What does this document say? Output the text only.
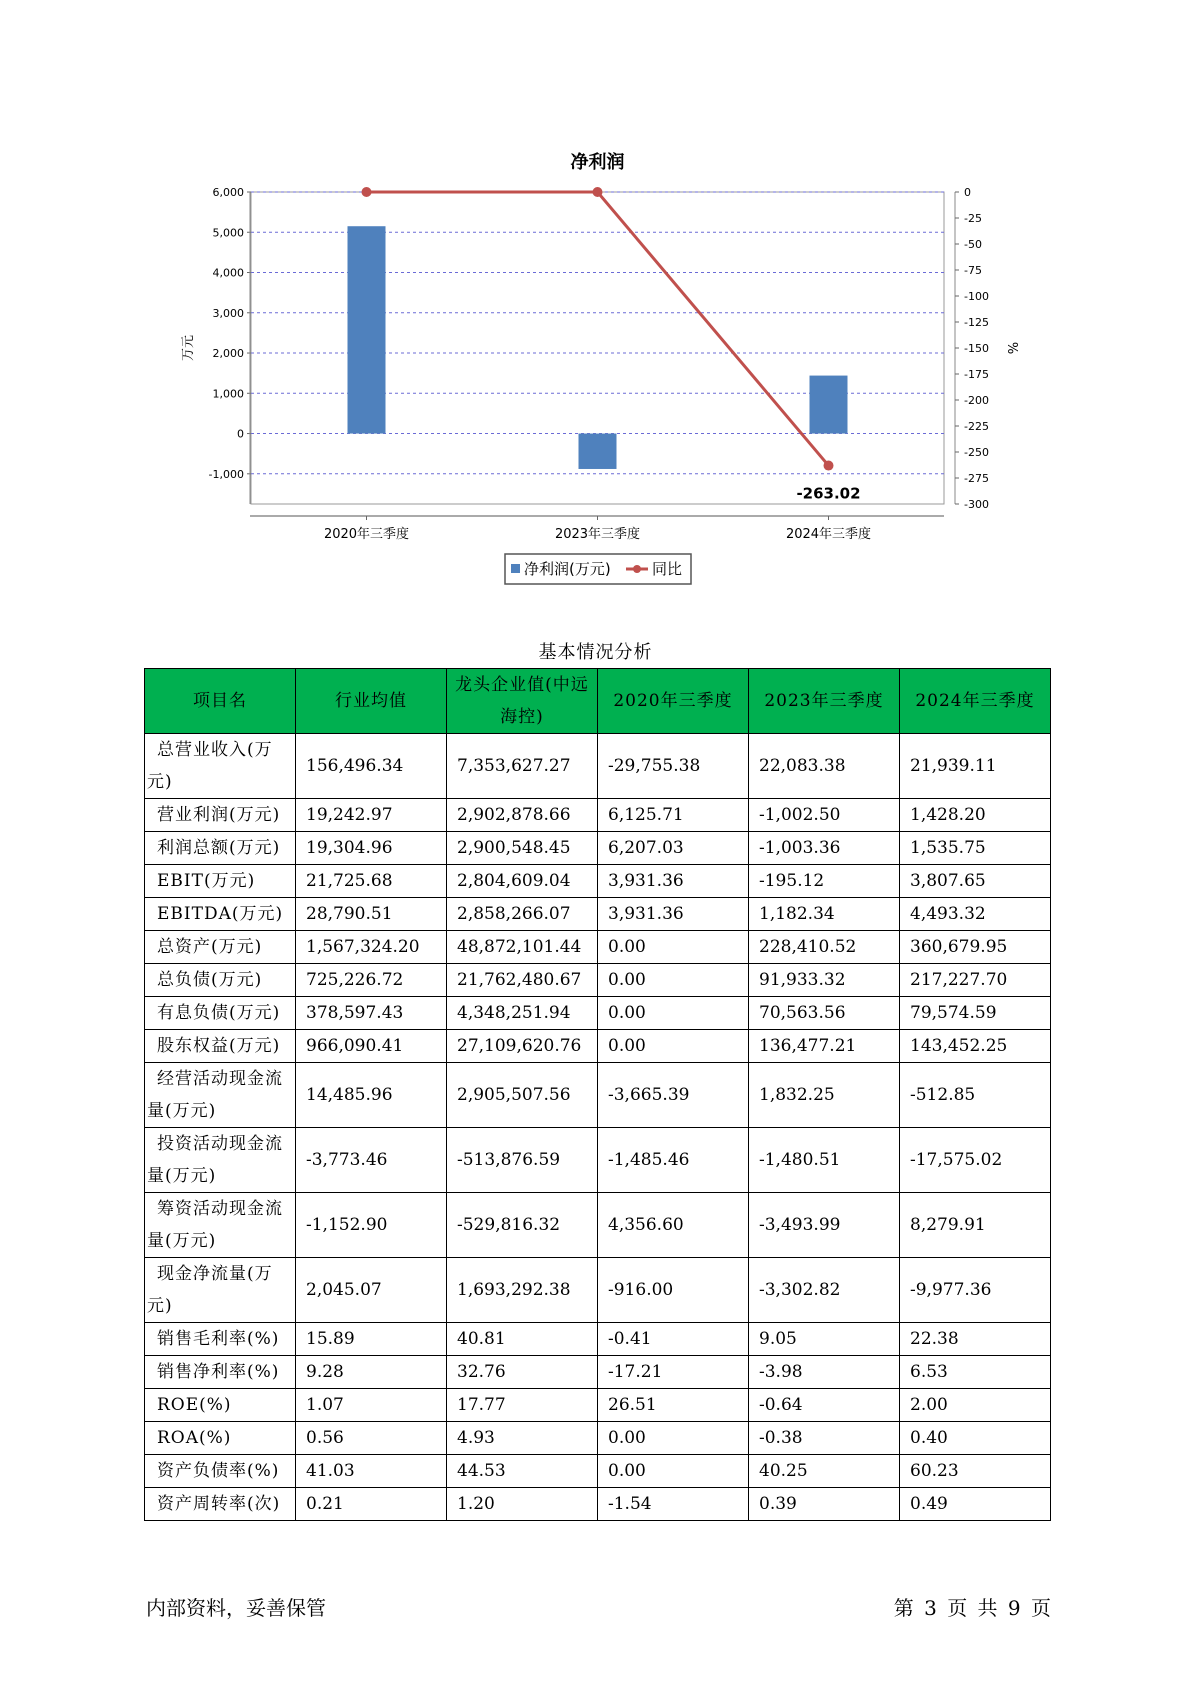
净利润
6,000
5,000
4,000
3,000
2,000
1,000
0
-1,000
0
-25
-50
-75
-100
-125
-150
-175
-200
-225
-250
-275
-300
2020年三季度	2023年三季度	2024年三季度
万元	%
-263.02
净利润(万元)	同比
基本情况分析
项目名	行业均值	龙头企业值(中远海控)	2020年三季度	2023年三季度	2024年三季度

总营业收入(万元)	156,496.34	7,353,627.27	-29,755.38	22,083.38	21,939.11

营业利润(万元)	19,242.97	2,902,878.66	6,125.71	-1,002.50	1,428.20

利润总额(万元)	19,304.96	2,900,548.45	6,207.03	-1,003.36	1,535.75

EBIT(万元)	21,725.68	2,804,609.04	3,931.36	-195.12	3,807.65

EBITDA(万元)	28,790.51	2,858,266.07	3,931.36	1,182.34	4,493.32

总资产(万元)	1,567,324.20	48,872,101.44	0.00	228,410.52	360,679.95

总负债(万元)	725,226.72	21,762,480.67	0.00	91,933.32	217,227.70

有息负债(万元)	378,597.43	4,348,251.94	0.00	70,563.56	79,574.59

股东权益(万元)	966,090.41	27,109,620.76	0.00	136,477.21	143,452.25

经营活动现金流量(万元)	14,485.96	2,905,507.56	-3,665.39	1,832.25	-512.85

投资活动现金流量(万元)	-3,773.46	-513,876.59	-1,485.46	-1,480.51	-17,575.02

筹资活动现金流量(万元)	-1,152.90	-529,816.32	4,356.60	-3,493.99	8,279.91

现金净流量(万元)	2,045.07	1,693,292.38	-916.00	-3,302.82	-9,977.36

销售毛利率(%)	15.89	40.81	-0.41	9.05	22.38

销售净利率(%)	9.28	32.76	-17.21	-3.98	6.53

ROE(%)	1.07	17.77	26.51	-0.64	2.00

ROA(%)	0.56	4.93	0.00	-0.38	0.40

资产负债率(%)	41.03	44.53	0.00	40.25	60.23

资产周转率(次)	0.21	1.20	-1.54	0.39	0.49
内部资料，妥善保管	第 3 页 共 9 页
